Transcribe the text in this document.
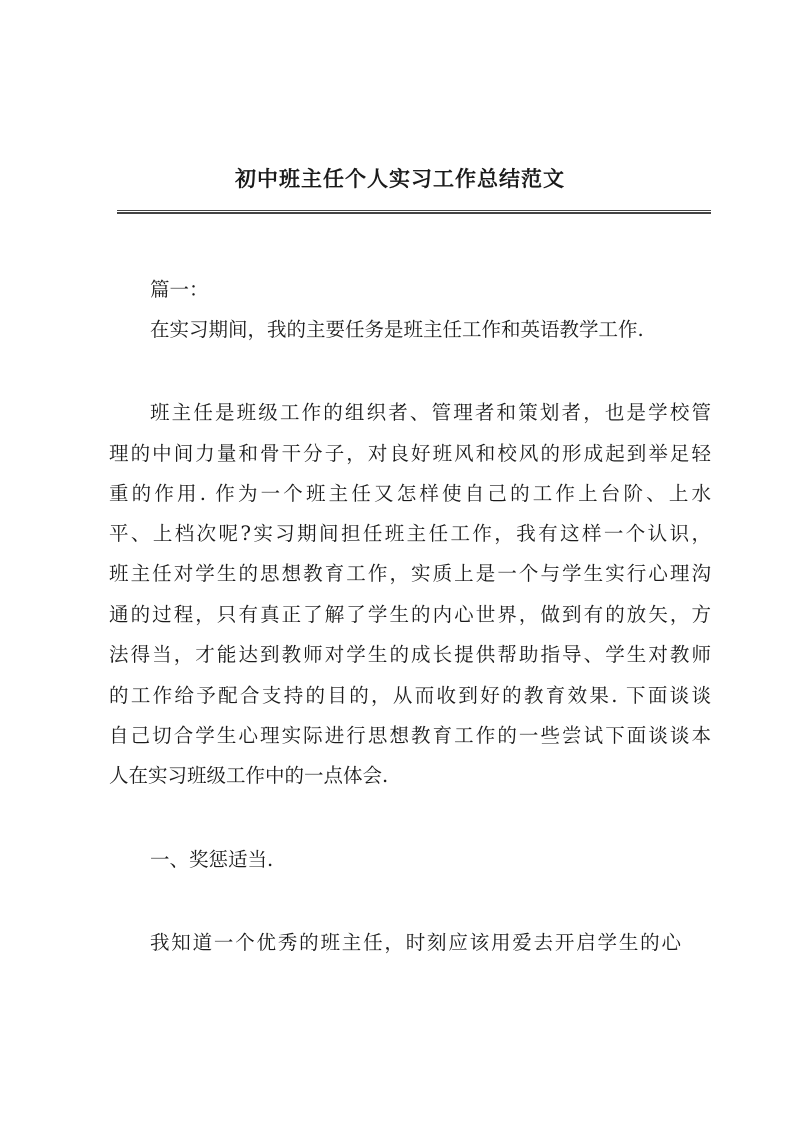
初中班主任个人实习工作总结范文
篇一：
在实习期间，我的主要任务是班主任工作和英语教学工作.
班主任是班级工作的组织者、管理者和策划者，也是学校管
理的中间力量和骨干分子，对良好班风和校风的形成起到举足轻
重的作用. 作为一个班主任又怎样使自己的工作上台阶、上水
平、上档次呢?实习期间担任班主任工作，我有这样一个认识，
班主任对学生的思想教育工作，实质上是一个与学生实行心理沟
通的过程，只有真正了解了学生的内心世界，做到有的放矢，方
法得当，才能达到教师对学生的成长提供帮助指导、学生对教师
的工作给予配合支持的目的，从而收到好的教育效果. 下面谈谈
自己切合学生心理实际进行思想教育工作的一些尝试下面谈谈本
人在实习班级工作中的一点体会.
一、奖惩适当.
我知道一个优秀的班主任，时刻应该用爱去开启学生的心
